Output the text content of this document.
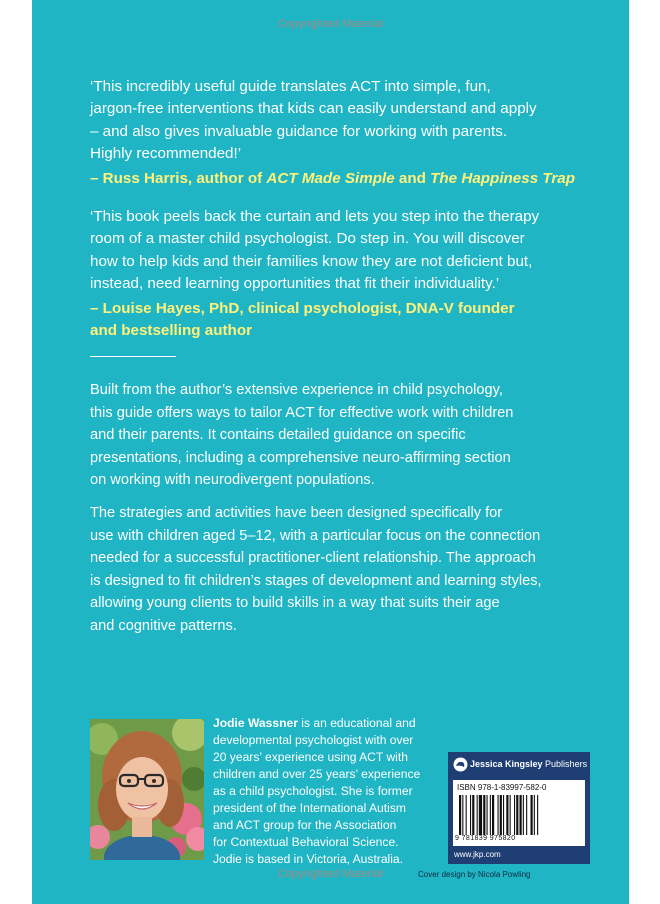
Copyrighted Material
‘This incredibly useful guide translates ACT into simple, fun,
jargon-free interventions that kids can easily understand and apply
– and also gives invaluable guidance for working with parents.
Highly recommended!’
– Russ Harris, author of ACT Made Simple and The Happiness Trap
‘This book peels back the curtain and lets you step into the therapy
room of a master child psychologist. Do step in. You will discover
how to help kids and their families know they are not deficient but,
instead, need learning opportunities that fit their individuality.’
– Louise Hayes, PhD, clinical psychologist, DNA-V founder
and bestselling author
Built from the author’s extensive experience in child psychology,
this guide offers ways to tailor ACT for effective work with children
and their parents. It contains detailed guidance on specific
presentations, including a comprehensive neuro-affirming section
on working with neurodivergent populations.
The strategies and activities have been designed specifically for
use with children aged 5–12, with a particular focus on the connection
needed for a successful practitioner-client relationship. The approach
is designed to fit children’s stages of development and learning styles,
allowing young clients to build skills in a way that suits their age
and cognitive patterns.
Jodie Wassner is an educational and
developmental psychologist with over
20 years’ experience using ACT with
children and over 25 years’ experience
as a child psychologist. She is former
president of the International Autism
and ACT group for the Association
for Contextual Behavioral Science.
Jodie is based in Victoria, Australia.
Jessica Kingsley Publishers
ISBN 978-1-83997-582-0
9 781839 975820
www.jkp.com
Copyrighted Material	Cover design by Nicola Powling
